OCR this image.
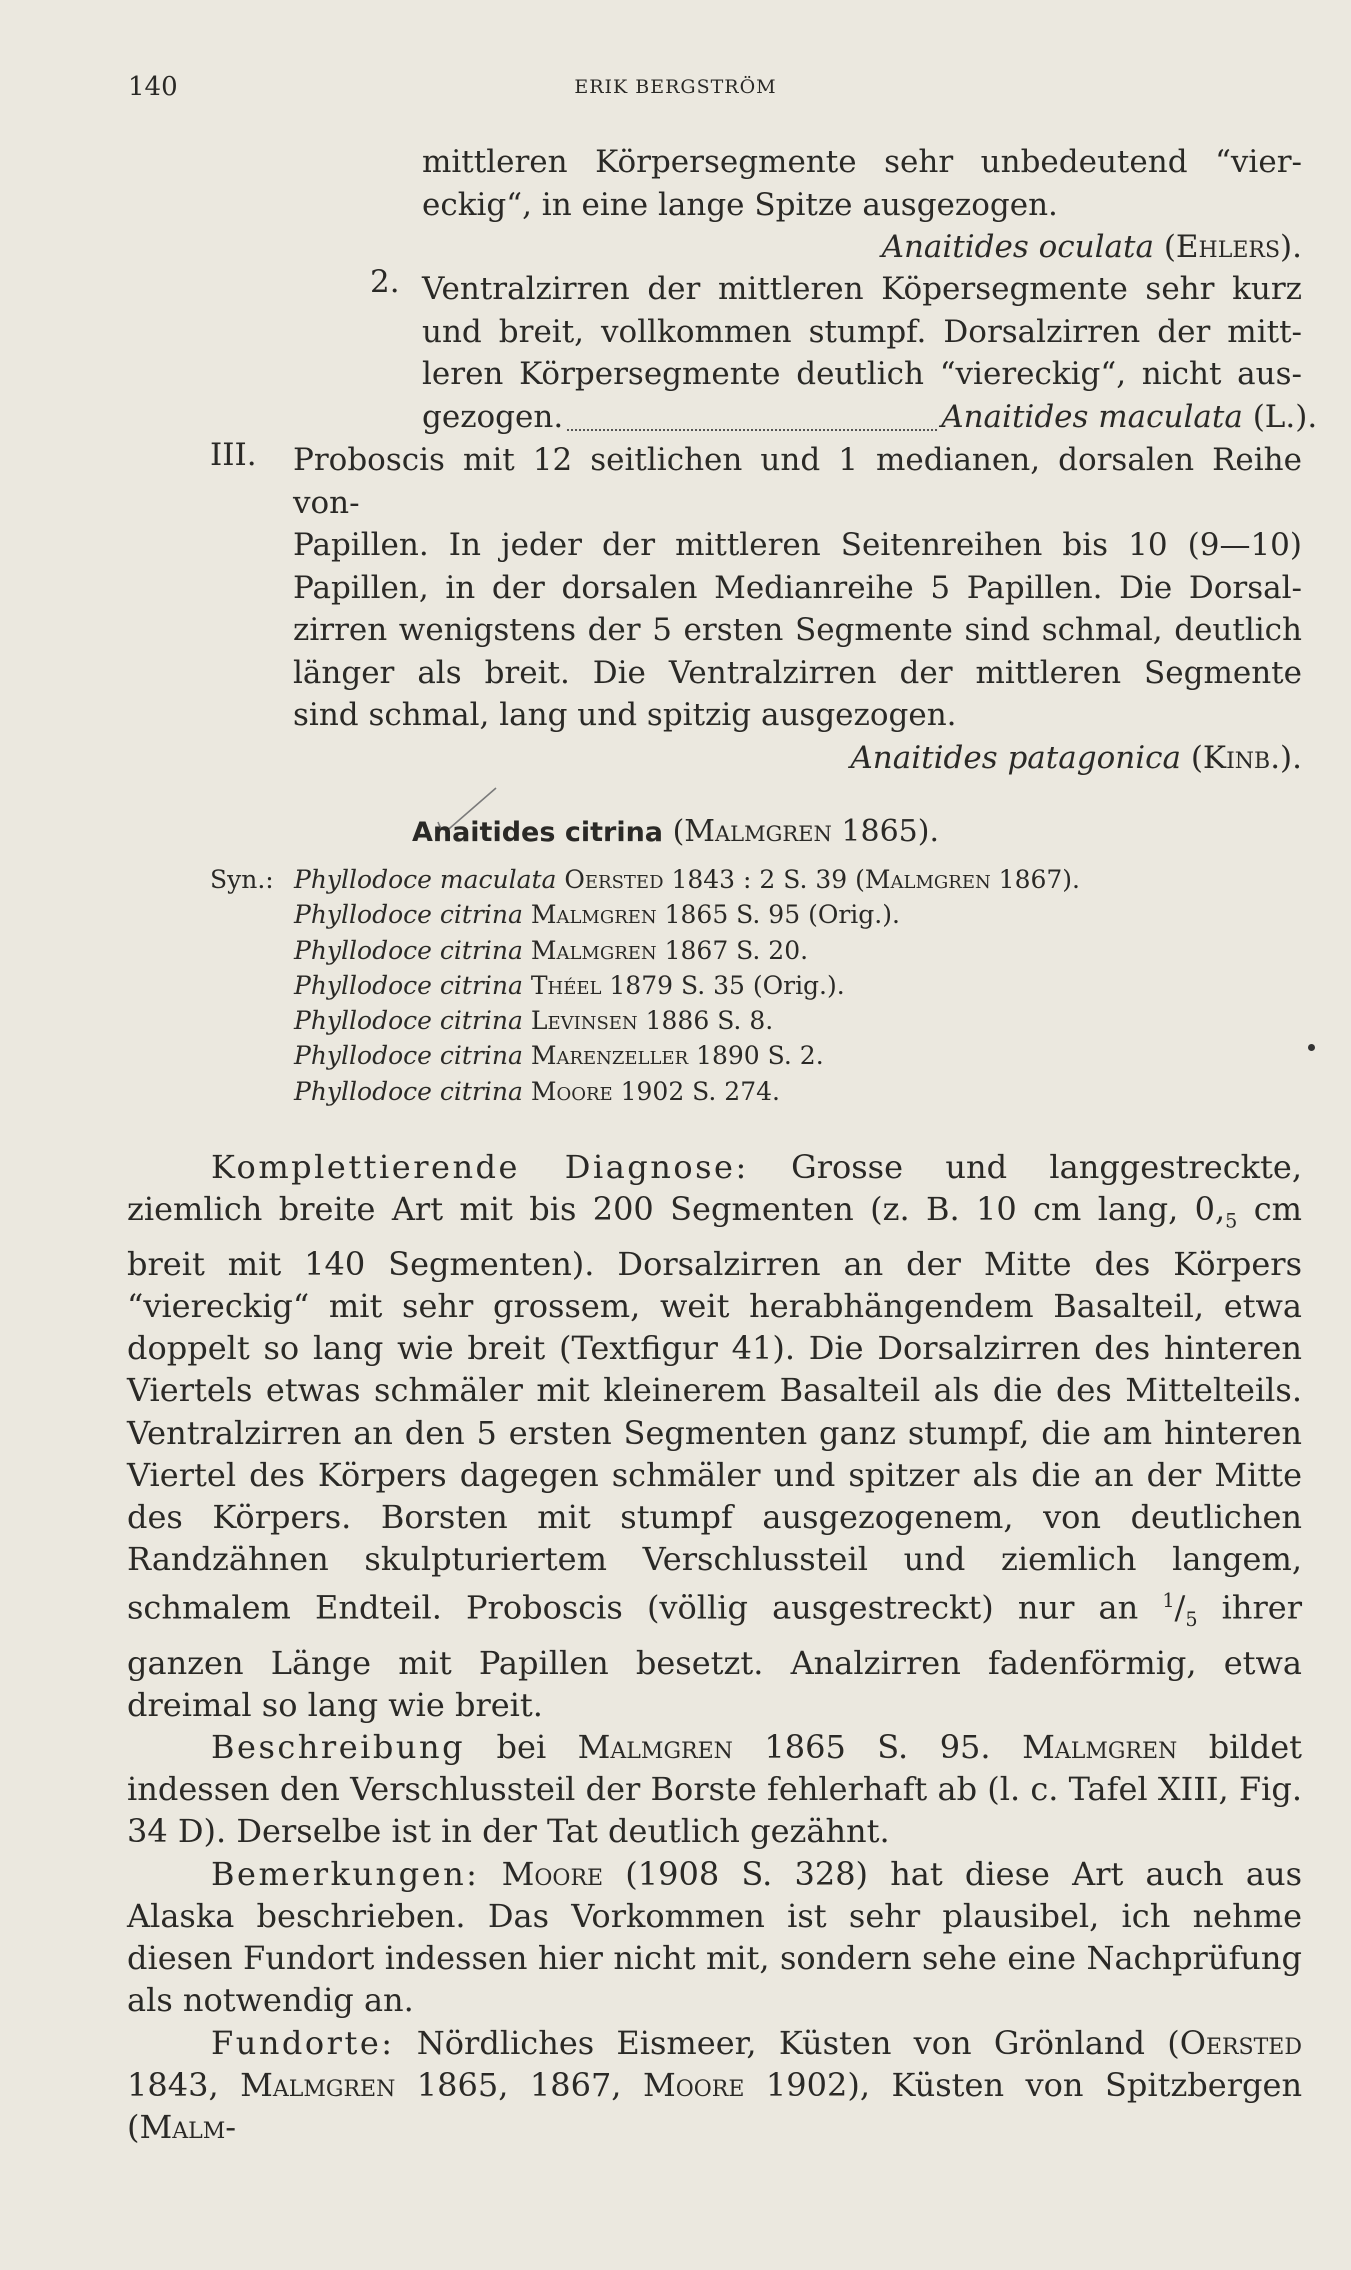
140	ERIK BERGSTRÖM
mittleren Körpersegmente sehr unbedeutend “vier-
eckig“, in eine lange Spitze ausgezogen.
Anaitides oculata (Ehlers).
2. Ventralzirren der mittleren Köpersegmente sehr kurz
und breit, vollkommen stumpf. Dorsalzirren der mitt-
leren Körpersegmente deutlich “viereckig“, nicht aus-
gezogen.	Anaitides maculata (L.).
III. Proboscis mit 12 seitlichen und 1 medianen, dorsalen Reihe von-
Papillen. In jeder der mittleren Seitenreihen bis 10 (9—10)
Papillen, in der dorsalen Medianreihe 5 Papillen. Die Dorsal-
zirren wenigstens der 5 ersten Segmente sind schmal, deutlich
länger als breit. Die Ventralzirren der mittleren Segmente
sind schmal, lang und spitzig ausgezogen.
Anaitides patagonica (Kinb.).
Anaitides citrina (Malmgren 1865).
Syn.: Phyllodoce maculata Oersted 1843 : 2 S. 39 (Malmgren 1867).
Phyllodoce citrina Malmgren 1865 S. 95 (Orig.).
Phyllodoce citrina Malmgren 1867 S. 20.
Phyllodoce citrina Théel 1879 S. 35 (Orig.).
Phyllodoce citrina Levinsen 1886 S. 8.
Phyllodoce citrina Marenzeller 1890 S. 2.
Phyllodoce citrina Moore 1902 S. 274.

Komplettierende Diagnose: Grosse und langgestreckte, ziemlich breite Art mit bis 200 Segmenten (z. B. 10 cm lang, $0,_5$ cm breit mit 140 Segmenten). Dorsalzirren an der Mitte des Körpers “viereckig“ mit sehr grossem, weit herabhängendem Basalteil, etwa doppelt so lang wie breit (Textfigur 41). Die Dorsalzirren des hinteren Viertels etwas schmäler mit kleinerem Basalteil als die des Mittelteils. Ventralzirren an den 5 ersten Segmenten ganz stumpf, die am hinteren Viertel des Körpers dagegen schmäler und spitzer als die an der Mitte des Körpers. Borsten mit stumpf ausgezogenem, von deutlichen Randzähnen skulpturiertem Verschlussteil und ziemlich langem, schmalem Endteil. Proboscis (völlig ausgestreckt) nur an $^1/_5$ ihrer ganzen Länge mit Papillen besetzt. Analzirren fadenförmig, etwa dreimal so lang wie breit.

Beschreibung bei Malmgren 1865 S. 95. Malmgren bildet indessen den Verschlussteil der Borste fehlerhaft ab (l. c. Tafel XIII, Fig. 34 D). Derselbe ist in der Tat deutlich gezähnt.

Bemerkungen: Moore (1908 S. 328) hat diese Art auch aus Alaska beschrieben. Das Vorkommen ist sehr plausibel, ich nehme diesen Fundort indessen hier nicht mit, sondern sehe eine Nachprüfung als notwendig an.

Fundorte: Nördliches Eismeer, Küsten von Grönland (Oersted 1843, Malmgren 1865, 1867, Moore 1902), Küsten von Spitzbergen (Malm-
